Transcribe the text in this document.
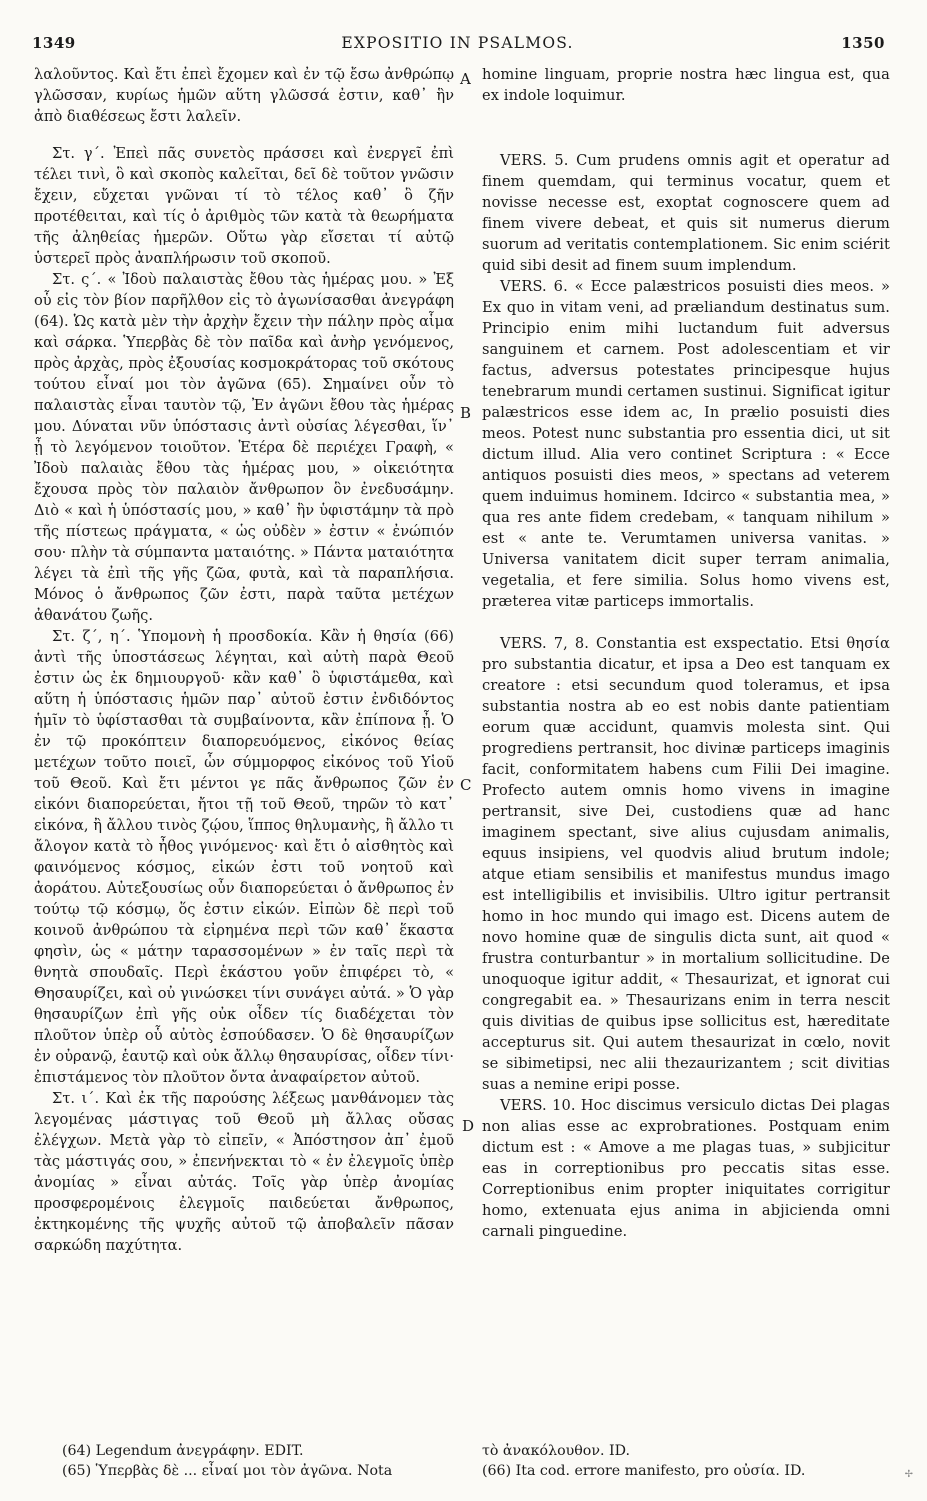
1349	EXPOSITIO IN PSALMOS.	1350

λαλοῦντος. Καὶ ἔτι ἐπεὶ ἔχομεν καὶ ἐν τῷ ἔσω ἀνθρώπῳ γλῶσσαν, κυρίως ἡμῶν αὕτη γλῶσσά ἐστιν, καθ᾽ ἣν ἀπὸ διαθέσεως ἔστι λαλεῖν.

Στ. γ΄. Ἐπεὶ πᾶς συνετὸς πράσσει καὶ ἐνεργεῖ ἐπὶ τέλει τινὶ, ὃ καὶ σκοπὸς καλεῖται, δεῖ δὲ τοῦτον γνῶσιν ἔχειν, εὔχεται γνῶναι τί τὸ τέλος καθ᾽ ὃ ζῆν προτέθειται, καὶ τίς ὁ ἀριθμὸς τῶν κατὰ τὰ θεωρήματα τῆς ἀληθείας ἡμερῶν. Οὕτω γὰρ εἴσεται τί αὐτῷ ὑστερεῖ πρὸς ἀναπλήρωσιν τοῦ σκοποῦ.

Στ. ς΄. « Ἰδοὺ παλαιστὰς ἔθου τὰς ἡμέρας μου. » Ἐξ οὗ εἰς τὸν βίον παρῆλθον εἰς τὸ ἀγωνίσασθαι ἀνεγράφη (64). Ὡς κατὰ μὲν τὴν ἀρχὴν ἔχειν τὴν πάλην πρὸς αἷμα καὶ σάρκα. Ὑπερβὰς δὲ τὸν παῖδα καὶ ἀνὴρ γενόμενος, πρὸς ἀρχὰς, πρὸς ἐξουσίας κοσμοκράτορας τοῦ σκότους τούτου εἶναί μοι τὸν ἀγῶνα (65). Σημαίνει οὖν τὸ παλαιστὰς εἶναι ταυτὸν τῷ, Ἐν ἀγῶνι ἔθου τὰς ἡμέρας μου. Δύναται νῦν ὑπόστασις ἀντὶ οὐσίας λέγεσθαι, ἵν᾽ ᾖ τὸ λεγόμενον τοιοῦτον. Ἑτέρα δὲ περιέχει Γραφὴ, « Ἰδοὺ παλαιὰς ἔθου τὰς ἡμέρας μου, » οἰκειότητα ἔχουσα πρὸς τὸν παλαιὸν ἄνθρωπον ὃν ἐνεδυσάμην. Διὸ « καὶ ἡ ὑπόστασίς μου, » καθ᾽ ἣν ὑφιστάμην τὰ πρὸ τῆς πίστεως πράγματα, « ὡς οὐδὲν » ἐστιν « ἐνώπιόν σου· πλὴν τὰ σύμπαντα ματαιότης. » Πάντα ματαιότητα λέγει τὰ ἐπὶ τῆς γῆς ζῶα, φυτὰ, καὶ τὰ παραπλήσια. Μόνος ὁ ἄνθρωπος ζῶν ἐστι, παρὰ ταῦτα μετέχων ἀθανάτου ζωῆς.

Στ. ζ΄, η΄. Ὑπομονὴ ἡ προσδοκία. Κἂν ἡ θησία (66) ἀντὶ τῆς ὑποστάσεως λέγηται, καὶ αὐτὴ παρὰ Θεοῦ ἐστιν ὡς ἐκ δημιουργοῦ· κἂν καθ᾽ ὃ ὑφιστάμεθα, καὶ αὕτη ἡ ὑπόστασις ἡμῶν παρ᾽ αὐτοῦ ἐστιν ἐνδιδόντος ἡμῖν τὸ ὑφίστασθαι τὰ συμβαίνοντα, κἂν ἐπίπονα ᾖ. Ὁ ἐν τῷ προκόπτειν διαπορευόμενος, εἰκόνος θείας μετέχων τοῦτο ποιεῖ, ὧν σύμμορφος εἰκόνος τοῦ Υἱοῦ τοῦ Θεοῦ. Καὶ ἔτι μέντοι γε πᾶς ἄνθρωπος ζῶν ἐν εἰκόνι διαπορεύεται, ἤτοι τῇ τοῦ Θεοῦ, τηρῶν τὸ κατ᾽ εἰκόνα, ἢ ἄλλου τινὸς ζῴου, ἵππος θηλυμανὴς, ἢ ἄλλο τι ἄλογον κατὰ τὸ ἦθος γινόμενος· καὶ ἔτι ὁ αἰσθητὸς καὶ φαινόμενος κόσμος, εἰκών ἐστι τοῦ νοητοῦ καὶ ἀοράτου. Αὐτεξουσίως οὖν διαπορεύεται ὁ ἄνθρωπος ἐν τούτῳ τῷ κόσμῳ, ὅς ἐστιν εἰκών. Εἰπὼν δὲ περὶ τοῦ κοινοῦ ἀνθρώπου τὰ εἰρημένα περὶ τῶν καθ᾽ ἕκαστα φησὶν, ὡς « μάτην ταρασσομένων » ἐν ταῖς περὶ τὰ θνητὰ σπουδαῖς. Περὶ ἑκάστου γοῦν ἐπιφέρει τὸ, « Θησαυρίζει, καὶ οὐ γινώσκει τίνι συνάγει αὐτά. » Ὁ γὰρ θησαυρίζων ἐπὶ γῆς οὐκ οἶδεν τίς διαδέχεται τὸν πλοῦτον ὑπὲρ οὗ αὐτὸς ἐσπούδασεν. Ὁ δὲ θησαυρίζων ἐν οὐρανῷ, ἑαυτῷ καὶ οὐκ ἄλλῳ θησαυρίσας, οἶδεν τίνι· ἐπιστάμενος τὸν πλοῦτον ὄντα ἀναφαίρετον αὐτοῦ.

Στ. ι΄. Καὶ ἐκ τῆς παρούσης λέξεως μανθάνομεν τὰς λεγομένας μάστιγας τοῦ Θεοῦ μὴ ἄλλας οὔσας ἐλέγχων. Μετὰ γὰρ τὸ εἰπεῖν, « Ἀπόστησον ἀπ᾽ ἐμοῦ τὰς μάστιγάς σου, » ἐπενήνεκται τὸ « ἐν ἐλεγμοῖς ὑπὲρ ἀνομίας » εἶναι αὐτάς. Τοῖς γὰρ ὑπὲρ ἀνομίας προσφερομένοις ἐλεγμοῖς παιδεύεται ἄνθρωπος, ἐκτηκομένης τῆς ψυχῆς αὐτοῦ τῷ ἀποβαλεῖν πᾶσαν σαρκώδη παχύτητα.

A
B
C
D

homine linguam, proprie nostra hæc lingua est, qua ex indole loquimur.

VERS. 5. Cum prudens omnis agit et operatur ad finem quemdam, qui terminus vocatur, quem et novisse necesse est, exoptat cognoscere quem ad finem vivere debeat, et quis sit numerus dierum suorum ad veritatis contemplationem. Sic enim sciérit quid sibi desit ad finem suum implendum.

VERS. 6. « Ecce palæstricos posuisti dies meos. » Ex quo in vitam veni, ad præliandum destinatus sum. Principio enim mihi luctandum fuit adversus sanguinem et carnem. Post adolescentiam et vir factus, adversus potestates principesque hujus tenebrarum mundi certamen sustinui. Significat igitur palæstricos esse idem ac, In prælio posuisti dies meos. Potest nunc substantia pro essentia dici, ut sit dictum illud. Alia vero continet Scriptura : « Ecce antiquos posuisti dies meos, » spectans ad veterem quem induimus hominem. Idcirco « substantia mea, » qua res ante fidem credebam, « tanquam nihilum » est « ante te. Verumtamen universa vanitas. » Universa vanitatem dicit super terram animalia, vegetalia, et fere similia. Solus homo vivens est, præterea vitæ particeps immortalis.

VERS. 7, 8. Constantia est exspectatio. Etsi θησία pro substantia dicatur, et ipsa a Deo est tanquam ex creatore : etsi secundum quod toleramus, et ipsa substantia nostra ab eo est nobis dante patientiam eorum quæ accidunt, quamvis molesta sint. Qui progrediens pertransit, hoc divinæ particeps imaginis facit, conformitatem habens cum Filii Dei imagine. Profecto autem omnis homo vivens in imagine pertransit, sive Dei, custodiens quæ ad hanc imaginem spectant, sive alius cujusdam animalis, equus insipiens, vel quodvis aliud brutum indole; atque etiam sensibilis et manifestus mundus imago est intelligibilis et invisibilis. Ultro igitur pertransit homo in hoc mundo qui imago est. Dicens autem de novo homine quæ de singulis dicta sunt, ait quod « frustra conturbantur » in mortalium sollicitudine. De unoquoque igitur addit, « Thesaurizat, et ignorat cui congregabit ea. » Thesaurizans enim in terra nescit quis divitias de quibus ipse sollicitus est, hæreditate accepturus sit. Qui autem thesaurizat in cœlo, novit se sibimetipsi, nec alii thezaurizantem ; scit divitias suas a nemine eripi posse.

VERS. 10. Hoc discimus versiculo dictas Dei plagas non alias esse ac exprobrationes. Postquam enim dictum est : « Amove a me plagas tuas, » subjicitur eas in correptionibus pro peccatis sitas esse. Correptionibus enim propter iniquitates corrigitur homo, extenuata ejus anima in abjicienda omni carnali pinguedine.

(64) Legendum ἀνεγράφην. EDIT.
(65) Ὑπερβὰς δὲ ... εἶναί μοι τὸν ἀγῶνα. Nota
τὸ ἀνακόλουθον. ID.
(66) Ita cod. errore manifesto, pro οὐσία. ID.	✢
